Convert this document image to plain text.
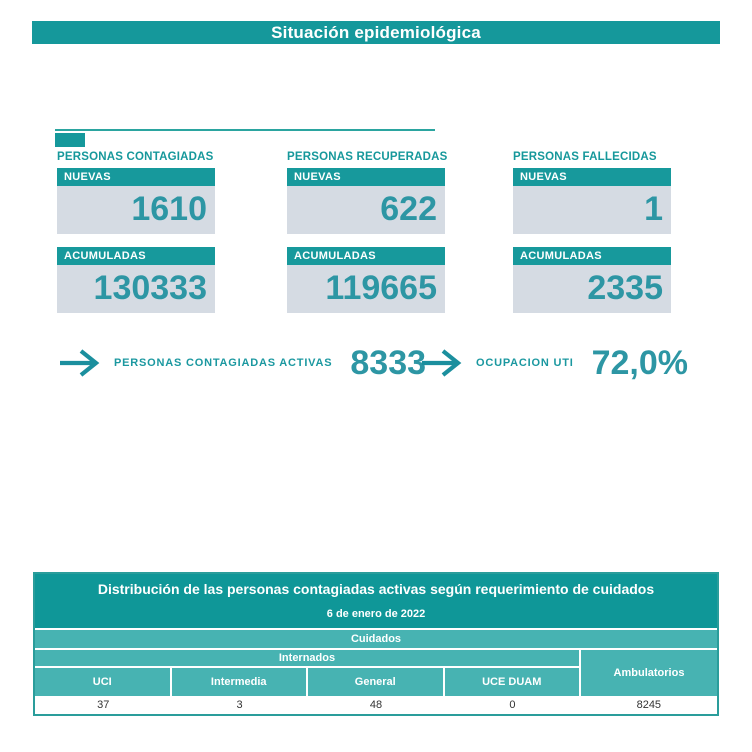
Situación epidemiológica
PERSONAS CONTAGIADAS
NUEVAS
1610
ACUMULADAS
130333
PERSONAS RECUPERADAS
NUEVAS
622
ACUMULADAS
119665
PERSONAS FALLECIDAS
NUEVAS
1
ACUMULADAS
2335
PERSONAS CONTAGIADAS ACTIVAS 8333	OCUPACION UTI 72,0%
Distribución de las personas contagiadas activas según requerimiento de cuidados
6 de enero de 2022
Cuidados
Internados
UCI	Intermedia	General	UCE DUAM
Ambulatorios
37	3	48	0	8245
